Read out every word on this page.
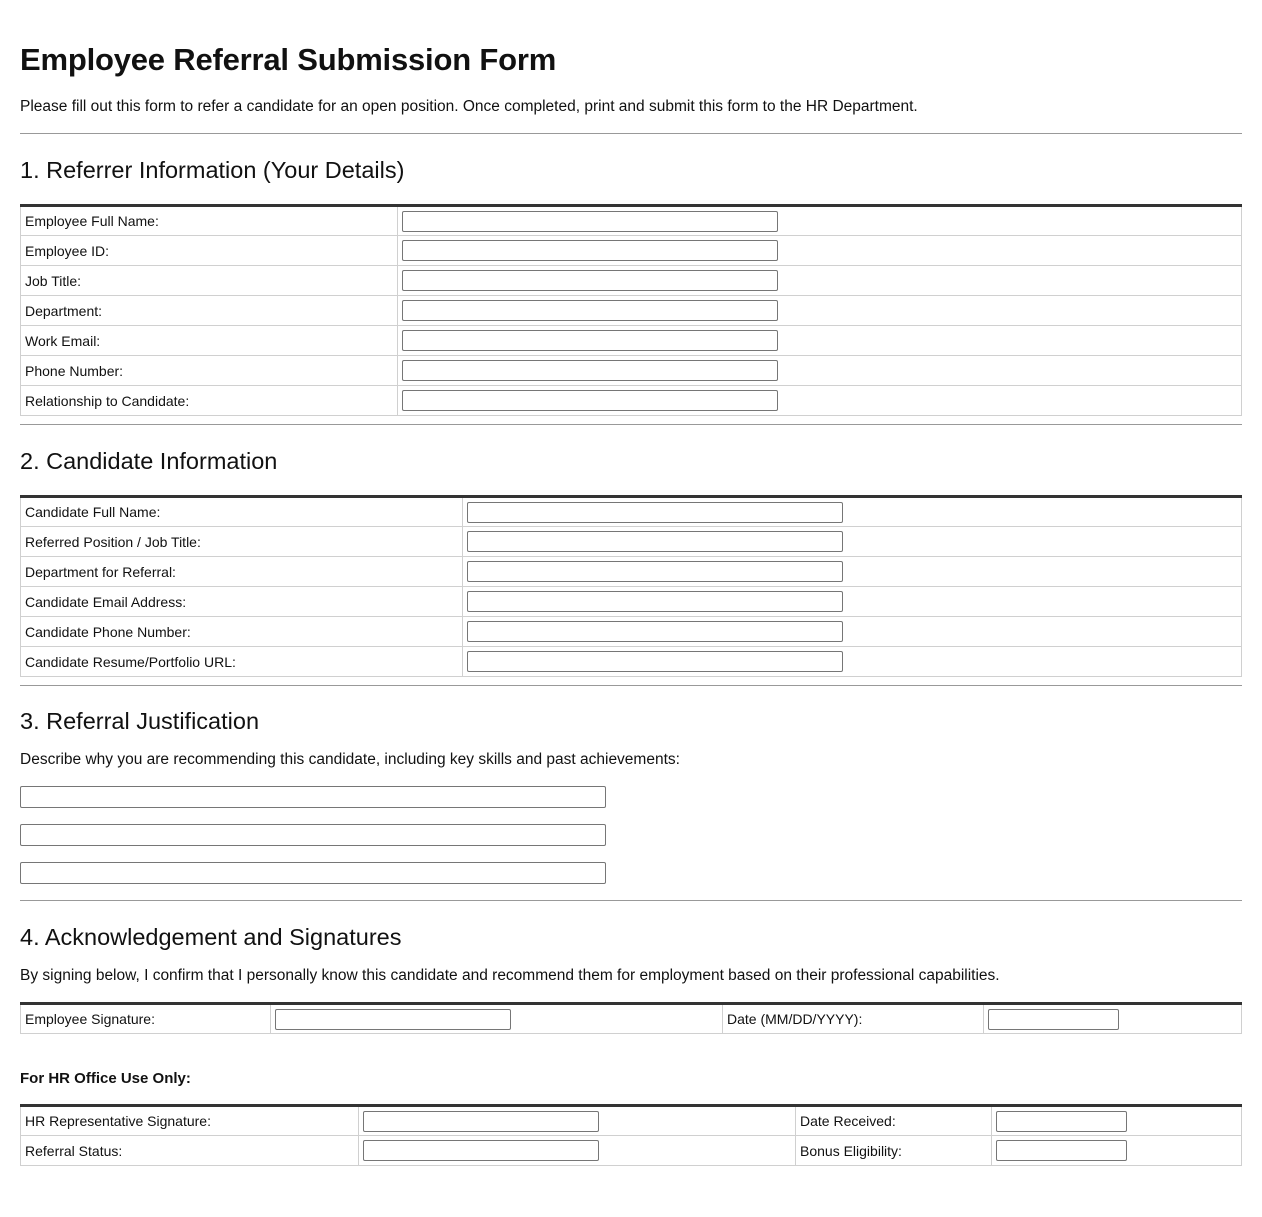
Employee Referral Submission Form
Please fill out this form to refer a candidate for an open position. Once completed, print and submit this form to the HR Department.
1. Referrer Information (Your Details)
Employee Full Name:	

Employee ID:	

Job Title:	

Department:	

Work Email:	

Phone Number:	

Relationship to Candidate:	
2. Candidate Information
Candidate Full Name:	

Referred Position / Job Title:	

Department for Referral:	

Candidate Email Address:	

Candidate Phone Number:	

Candidate Resume/Portfolio URL:	
3. Referral Justification
Describe why you are recommending this candidate, including key skills and past achievements:
4. Acknowledgement and Signatures
By signing below, I confirm that I personally know this candidate and recommend them for employment based on their professional capabilities.
Employee Signature:		Date (MM/DD/YYYY):	
For HR Office Use Only:
HR Representative Signature:		Date Received:	

Referral Status:		Bonus Eligibility:	
